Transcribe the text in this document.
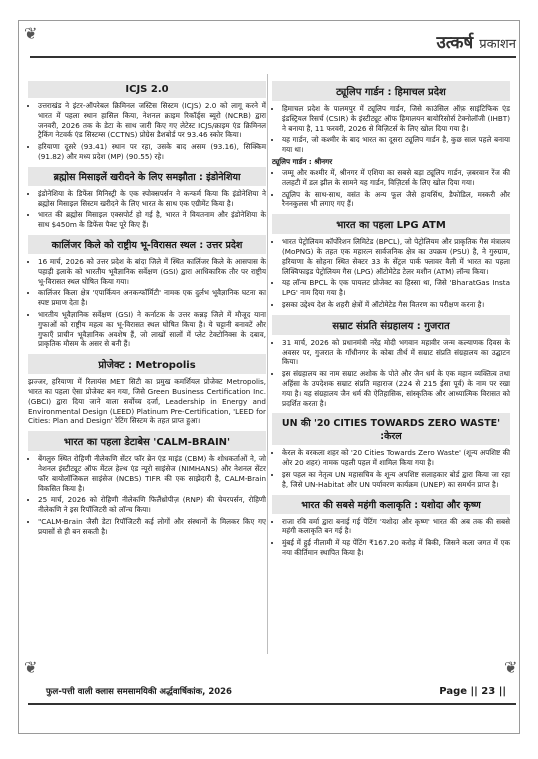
❦
❦	❦
उत्कर्ष प्रकाशन
ICJS 2.0
• उत्तराखंड ने इंटर-ऑपरेबल क्रिमिनल जस्टिस सिस्टम (ICJS) 2.0 को लागू करने में भारत में पहला स्थान हासिल किया, नेशनल क्राइम रिकॉर्ड्स ब्यूरो (NCRB) द्वारा जनवरी, 2026 तक के डेटा के साथ जारी किए गए लेटेस्ट ICJS/क्राइम एंड क्रिमिनल ट्रैकिंग नेटवर्क एंड सिस्टम्स (CCTNS) प्रोग्रेस डैशबोर्ड पर 93.46 स्कोर किया।
• हरियाणा दूसरे (93.41) स्थान पर रहा, उसके बाद असम (93.16), सिक्किम (91.82) और मध्य प्रदेश (MP) (90.55) रहे।
ब्रह्मोस मिसाइलें खरीदने के लिए समझौता : इंडोनेशिया
• इंडोनेशिया के डिफेंस मिनिस्ट्री के एक स्पोक्सपर्सन ने कन्फर्म किया कि इंडोनेशिया ने ब्रह्मोस मिसाइल सिस्टम खरीदने के लिए भारत के साथ एक एग्रीमेंट किया है।
• भारत की ब्रह्मोस मिसाइल एक्सपोर्ट हो गई है, भारत ने वियतनाम और इंडोनेशिया के साथ $450m के डिफेंस पैक्ट पूरे किए हैं।
कालिंजर किले को राष्ट्रीय भू-विरासत स्थल : उत्तर प्रदेश
• 16 मार्च, 2026 को उत्तर प्रदेश के बांदा जिले में स्थित कालिंजर किले के आसपास के पहाड़ी इलाके को भारतीय भूवैज्ञानिक सर्वेक्षण (GSI) द्वारा आधिकारिक तौर पर राष्ट्रीय भू-विरासत स्थल घोषित किया गया।
• कालिंजर किला क्षेत्र 'एपार्कियन अनकन्फॉर्मिटी' नामक एक दुर्लभ भूवैज्ञानिक घटना का स्पष्ट प्रमाण देता है।
• भारतीय भूवैज्ञानिक सर्वेक्षण (GSI) ने कर्नाटक के उत्तर कन्नड़ जिले में मौजूद याना गुफाओं को राष्ट्रीय महत्व का भू-विरासत स्थल घोषित किया है। ये चट्टानी बनावटें और गुफाएँ प्राचीन भूवैज्ञानिक अवशेष हैं, जो लाखों सालों में प्लेट टेक्टोनिक्स के दबाव, प्राकृतिक मौसम के असर से बनी हैं।
प्रोजेक्ट : Metropolis

झज्जर, हरियाणा में रिलायंस MET सिटी का प्रमुख कमर्शियल प्रोजेक्ट Metropolis, भारत का पहला ऐसा प्रोजेक्ट बन गया, जिसे Green Business Certification Inc. (GBCI) द्वारा दिया जाने वाला सर्वोच्च दर्जा, Leadership in Energy and Environmental Design (LEED) Platinum Pre-Certification, 'LEED for Cities: Plan and Design' रेटिंग सिस्टम के तहत प्राप्त हुआ।

भारत का पहला डेटाबेस 'CALM-BRAIN'
• बेंगलुरु स्थित रोहिणी नीलेकणि सेंटर फॉर ब्रेन एंड माइंड (CBM) के शोधकर्ताओं ने, जो नेशनल इंस्टीट्यूट ऑफ मेंटल हेल्थ एंड न्यूरो साइंसेज (NIMHANS) और नेशनल सेंटर फॉर बायोलॉजिकल साइंसेज (NCBS) TIFR की एक साझेदारी है, CALM-Brain विकसित किया है।
• 25 मार्च, 2026 को रोहिणी नीलेकणि फिलैंथ्रोपीज़ (RNP) की चेयरपर्सन, रोहिणी नीलेकणि ने इस रिपॉजिटरी को लॉन्च किया।
• "CALM-Brain जैसी डेटा रिपॉजिटरी कई लोगों और संस्थानों के मिलकर किए गए प्रयासों से ही बन सकती है।
ट्यूलिप गार्डन : हिमाचल प्रदेश
• हिमाचल प्रदेश के पालमपुर में ट्यूलिप गार्डन, जिसे काउंसिल ऑफ़ साइंटिफिक एंड इंडस्ट्रियल रिसर्च (CSIR) के इंस्टीट्यूट ऑफ हिमालयन बायोरिसोर्स टेक्नोलॉजी (IHBT) ने बनाया है, 11 फरवरी, 2026 से विज़िटर्स के लिए खोल दिया गया है।
• यह गार्डन, जो कश्मीर के बाद भारत का दूसरा ट्यूलिप गार्डन है, कुछ साल पहले बनाया गया था।
ट्यूलिप गार्डन : श्रीनगर
• जम्मू और कश्मीर में, श्रीनगर में एशिया का सबसे बड़ा ट्यूलिप गार्डन, ज़बरवान रेंज की तलहटी में डल झील के सामने यह गार्डन, विज़िटर्स के लिए खोल दिया गया।
• ट्यूलिप के साथ-साथ, वसंत के अन्य फूल जैसे हायसिंथ, डैफोडिल, मस्करी और रैननकुलस भी लगाए गए हैं।
भारत का पहला LPG ATM
• भारत पेट्रोलियम कॉर्पोरेशन लिमिटेड (BPCL), जो पेट्रोलियम और प्राकृतिक गैस मंत्रालय (MoPNG) के तहत एक महारत्न सार्वजनिक क्षेत्र का उपक्रम (PSU) है, ने गुरुग्राम, हरियाणा के सोहना स्थित सेक्टर 33 के सेंट्रल पार्क फ्लावर वैली में भारत का पहला लिक्विफाइड पेट्रोलियम गैस (LPG) ऑटोमेटेड टेलर मशीन (ATM) लॉन्च किया।
• यह लॉन्च BPCL के एक पायलट प्रोजेक्ट का हिस्सा था, जिसे 'BharatGas Insta LPG' नाम दिया गया है।
• इसका उद्देश्य देश के शहरी क्षेत्रों में ऑटोमेटेड गैस वितरण का परीक्षण करना है।
सम्राट संप्रति संग्रहालय : गुजरात
• 31 मार्च, 2026 को प्रधानमंत्री नरेंद्र मोदी भगवान महावीर जन्म कल्याणक दिवस के अवसर पर, गुजरात के गाँधीनगर के कोबा तीर्थ में सम्राट संप्रति संग्रहालय का उद्घाटन किया।
• इस संग्रहालय का नाम सम्राट अशोक के पोते और जैन धर्म के एक महान व्यक्तित्व तथा अहिंसा के उपदेशक सम्राट संप्रति महाराज (224 से 215 ईसा पूर्व) के नाम पर रखा गया है। यह संग्रहालय जैन धर्म की ऐतिहासिक, सांस्कृतिक और आध्यात्मिक विरासत को प्रदर्शित करता है।
UN की '20 CITIES TOWARDS ZERO WASTE' :केरल
• केरल के वरकला शहर को '20 Cities Towards Zero Waste' (शून्य अपशिष्ट की ओर 20 शहर) नामक पहली पहल में शामिल किया गया है।
• इस पहल का नेतृत्व UN महासचिव के शून्य अपशिष्ट सलाहकार बोर्ड द्वारा किया जा रहा है, जिसे UN-Habitat और UN पर्यावरण कार्यक्रम (UNEP) का समर्थन प्राप्त है।
भारत की सबसे महंगी कलाकृति : यशोदा और कृष्ण
• राजा रवि वर्मा द्वारा बनाई गई पेंटिंग 'यशोदा और कृष्ण' भारत की अब तक की सबसे महंगी कलाकृति बन गई है।
• मुंबई में हुई नीलामी में यह पेंटिंग ₹167.20 करोड़ में बिकी, जिसने कला जगत में एक नया कीर्तिमान स्थापित किया है।
फुल-पत्ती वाली क्लास समसामयिकी अर्द्धवार्षिकांक, 2026	Page || 23 ||
